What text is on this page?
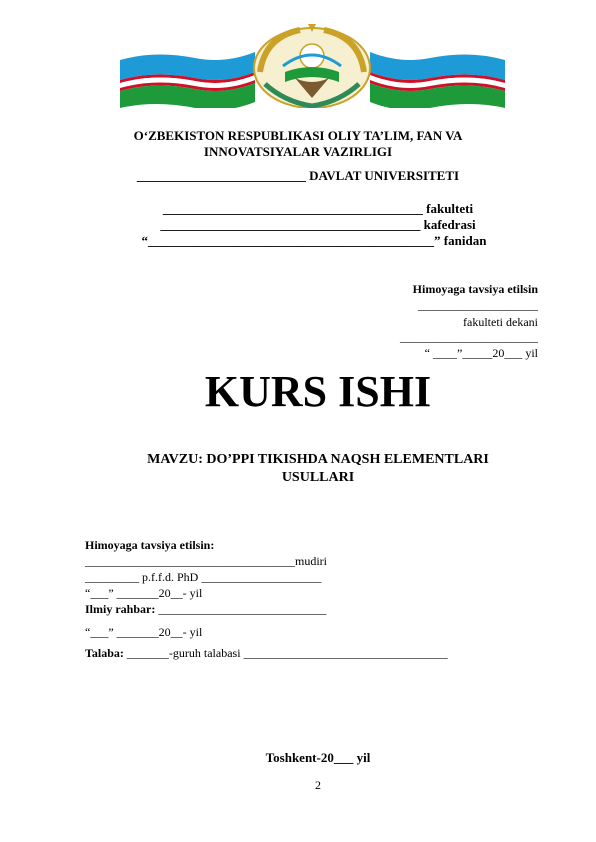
O‘ZBEKISTON RESPUBLIKASI OLIY TA’LIM, FAN VA
INNOVATSIYALAR VAZIRLIGI
__________________________ DAVLAT UNIVERSITETI
________________________________________ fakulteti
________________________________________ kafedrasi
“____________________________________________” fanidan
Himoyaga tavsiya etilsin
____________________
fakulteti dekani
_______________________
“ ____”_____20___ yil
KURS ISHI
MAVZU: DO’PPI TIKISHDA NAQSH ELEMENTLARI
USULLARI
Himoyaga tavsiya etilsin:
___________________________________mudiri
_________ p.f.f.d. PhD ____________________
“___” _______20__- yil
Ilmiy rahbar: ____________________________
“___” _______20__- yil
Talaba: _______-guruh talabasi __________________________________
Toshkent-20___ yil
2
